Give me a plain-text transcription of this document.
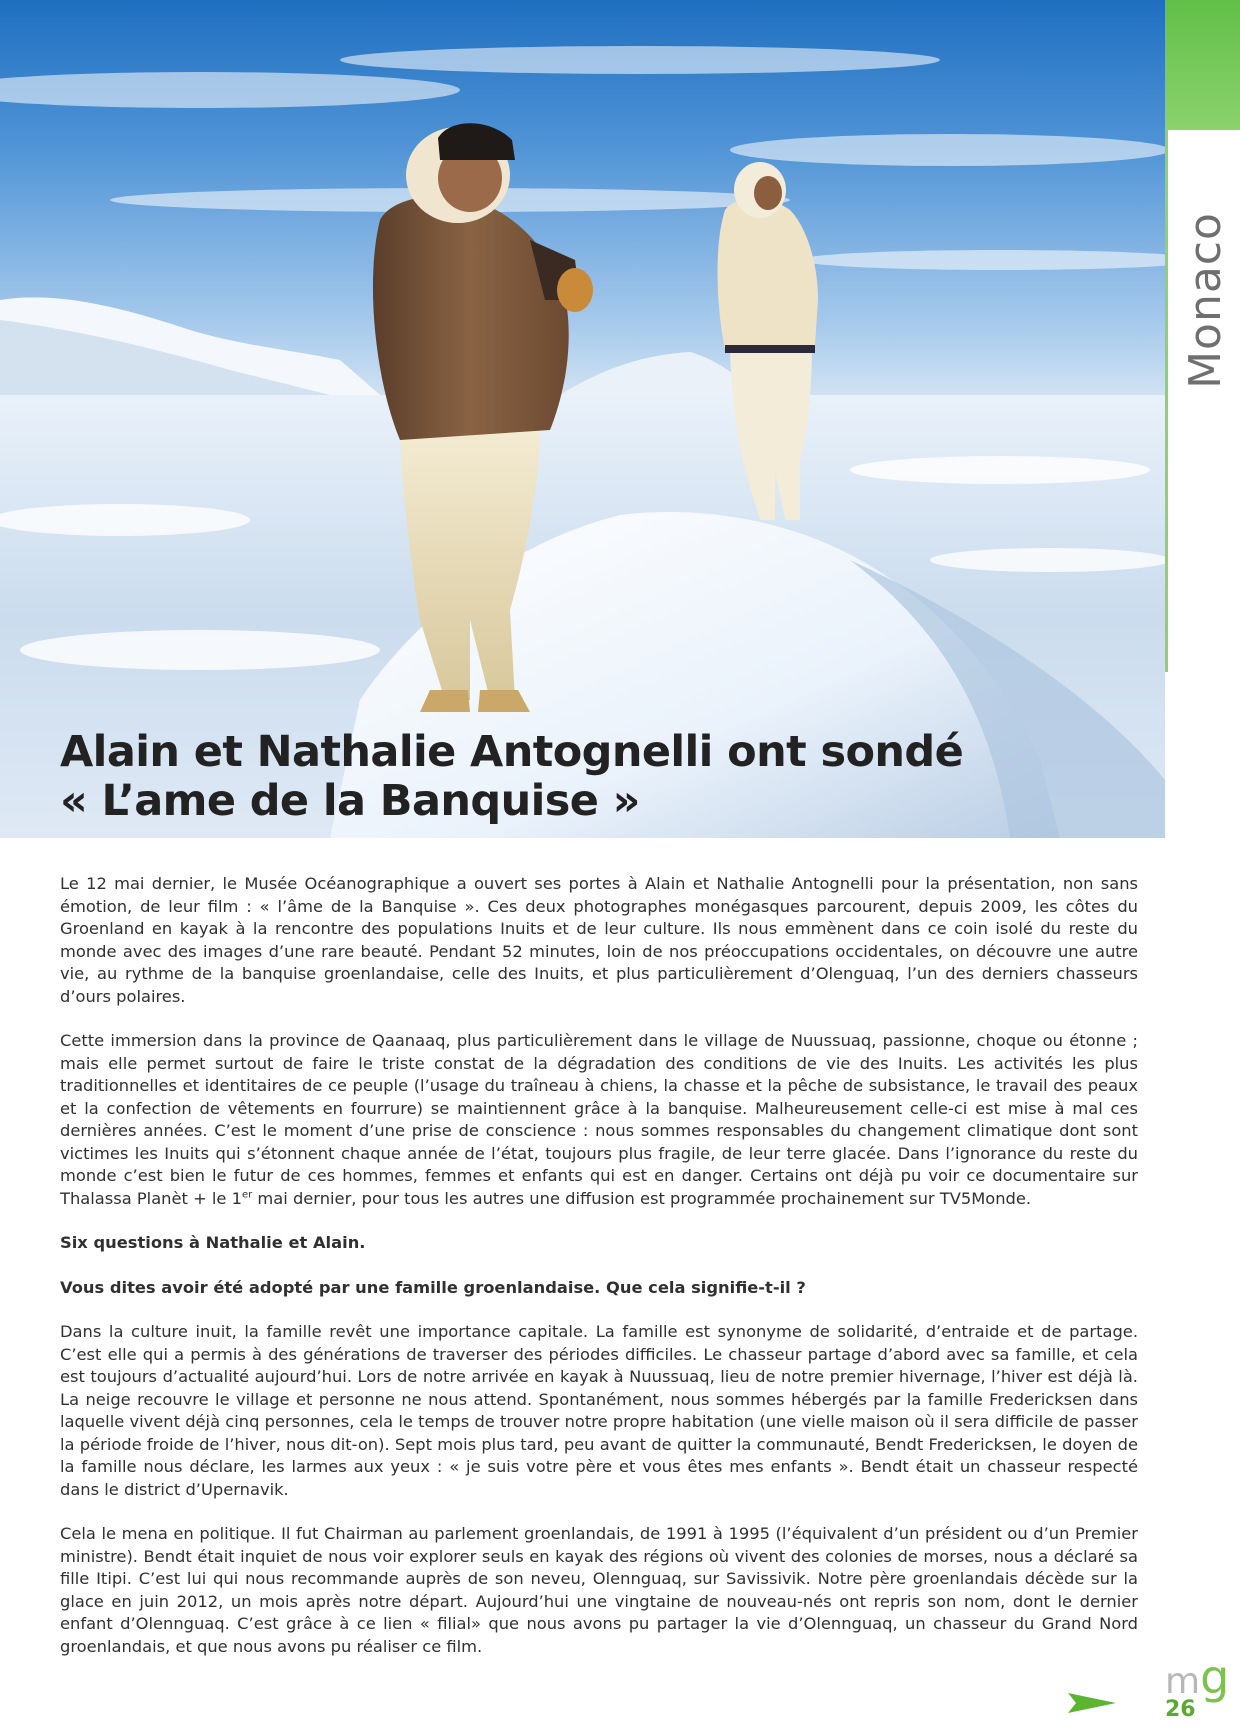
Alain et Nathalie Antognelli ont sondé
« L’ame de la Banquise »
Monaco

Le 12 mai dernier, le Musée Océanographique a ouvert ses portes à Alain et Nathalie Antognelli pour la présentation, non sans émotion, de leur film : « l’âme de la Banquise ». Ces deux photographes monégasques parcourent, depuis 2009, les côtes du Groenland en kayak à la rencontre des populations Inuits et de leur culture. Ils nous emmènent dans ce coin isolé du reste du monde avec des images d’une rare beauté. Pendant 52 minutes, loin de nos préoccupations occidentales, on découvre une autre vie, au rythme de la banquise groenlandaise, celle des Inuits, et plus particulièrement d’Olenguaq, l’un des derniers chasseurs d’ours polaires.

Cette immersion dans la province de Qaanaaq, plus particulièrement dans le village de Nuussuaq, passionne, choque ou étonne ; mais elle permet surtout de faire le triste constat de la dégradation des conditions de vie des Inuits. Les activités les plus traditionnelles et identitaires de ce peuple (l’usage du traîneau à chiens, la chasse et la pêche de subsistance, le travail des peaux et la confection de vêtements en fourrure) se maintiennent grâce à la banquise. Malheureusement celle-ci est mise à mal ces dernières années. C’est le moment d’une prise de conscience : nous sommes responsables du changement climatique dont sont victimes les Inuits qui s’étonnent chaque année de l’état, toujours plus fragile, de leur terre glacée. Dans l’ignorance du reste du monde c’est bien le futur de ces hommes, femmes et enfants qui est en danger. Certains ont déjà pu voir ce documentaire sur Thalassa Planèt + le 1er mai dernier, pour tous les autres une diffusion est programmée prochainement sur TV5Monde.

Six questions à Nathalie et Alain.

Vous dites avoir été adopté par une famille groenlandaise. Que cela signifie-t-il ?

Dans la culture inuit, la famille revêt une importance capitale. La famille est synonyme de solidarité, d’entraide et de partage. C’est elle qui a permis à des générations de traverser des périodes difficiles. Le chasseur partage d’abord avec sa famille, et cela est toujours d’actualité aujourd’hui. Lors de notre arrivée en kayak à Nuussuaq, lieu de notre premier hivernage, l’hiver est déjà là. La neige recouvre le village et personne ne nous attend. Spontanément, nous sommes hébergés par la famille Fredericksen dans laquelle vivent déjà cinq personnes, cela le temps de trouver notre propre habitation (une vielle maison où il sera difficile de passer la période froide de l’hiver, nous dit-on). Sept mois plus tard, peu avant de quitter la communauté, Bendt Fredericksen, le doyen de la famille nous déclare, les larmes aux yeux : « je suis votre père et vous êtes mes enfants ». Bendt était un chasseur respecté dans le district d’Upernavik.

Cela le mena en politique. Il fut Chairman au parlement groenlandais, de 1991 à 1995 (l’équivalent d’un président ou d’un Premier ministre). Bendt était inquiet de nous voir explorer seuls en kayak des régions où vivent des colonies de morses, nous a déclaré sa fille Itipi. C’est lui qui nous recommande auprès de son neveu, Olennguaq, sur Savissivik. Notre père groenlandais décède sur la glace en juin 2012, un mois après notre départ. Aujourd’hui une vingtaine de nouveau-nés ont repris son nom, dont le dernier enfant d’Olennguaq. C’est grâce à ce lien « filial» que nous avons pu partager la vie d’Olennguaq, un chasseur du Grand Nord groenlandais, et que nous avons pu réaliser ce film.

mg
26
